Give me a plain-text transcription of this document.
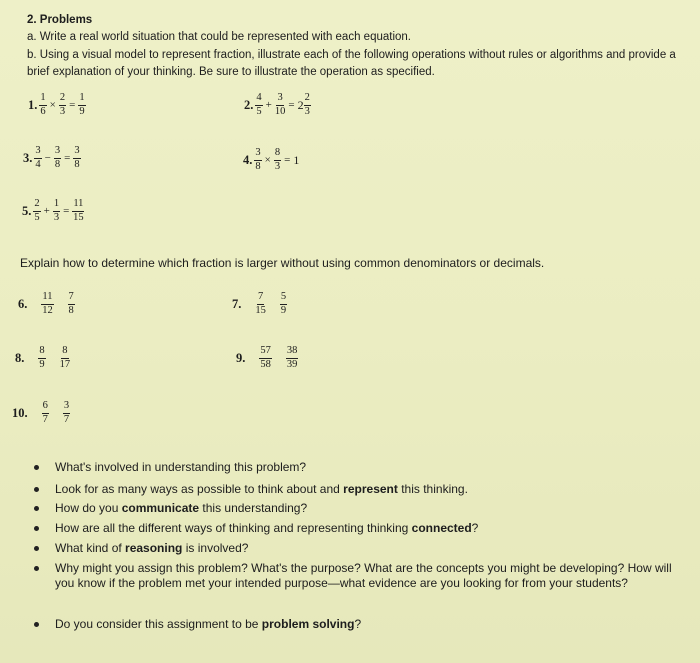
2. Problems
a. Write a real world situation that could be represented with each equation.
b. Using a visual model to represent fraction, illustrate each of the following operations without rules or algorithms and provide a
brief explanation of your thinking. Be sure to illustrate the operation as specified.
1. $\frac{1}{6} \times \frac{2}{3} = \frac{1}{9}$	2. $\frac{4}{5} + \frac{3}{10} = 2 \frac{2}{3}$
3. $\frac{3}{4} - \frac{3}{8} = \frac{3}{8}$	4. $\frac{3}{8} \times \frac{8}{3} = 1$
5. $\frac{2}{5} + \frac{1}{3} = \frac{11}{15}$
Explain how to determine which fraction is larger without using common denominators or decimals.
6. $\frac{11}{12} \frac{7}{8}$	7. $\frac{7}{15} \frac{5}{9}$
8. $\frac{8}{9} \frac{8}{17}$	9. $\frac{57}{58} \frac{38}{39}$
10. $\frac{6}{7} \frac{3}{7}$
What's involved in understanding this problem?
Look for as many ways as possible to think about and represent this thinking.
How do you communicate this understanding?
How are all the different ways of thinking and representing thinking connected?
What kind of reasoning is involved?
Why might you assign this problem? What's the purpose? What are the concepts you might be developing? How will you know if the problem met your intended purpose—what evidence are you looking for from your students?
Do you consider this assignment to be problem solving?
